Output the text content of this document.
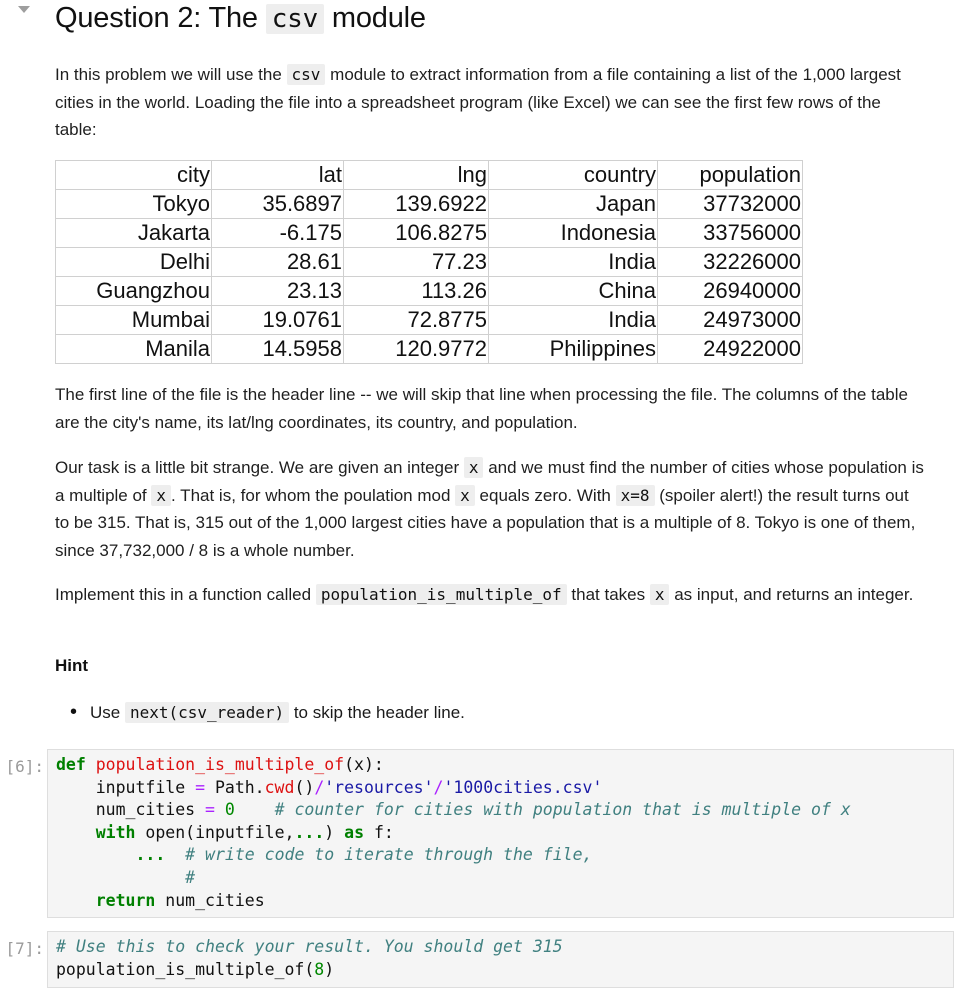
Question 2: The csv module

In this problem we will use the csv module to extract information from a file containing a list of the 1,000 largest cities in the world. Loading the file into a spreadsheet program (like Excel) we can see the first few rows of the table:

city	lat	lng	country	population
Tokyo	35.6897	139.6922	Japan	37732000
Jakarta	-6.175	106.8275	Indonesia	33756000
Delhi	28.61	77.23	India	32226000
Guangzhou	23.13	113.26	China	26940000
Mumbai	19.0761	72.8775	India	24973000
Manila	14.5958	120.9772	Philippines	24922000

The first line of the file is the header line -- we will skip that line when processing the file. The columns of the table are the city's name, its lat/lng coordinates, its country, and population.

Our task is a little bit strange. We are given an integer x and we must find the number of cities whose population is a multiple of x . That is, for whom the poulation mod x equals zero. With x=8 (spoiler alert!) the result turns out to be 315. That is, 315 out of the 1,000 largest cities have a population that is a multiple of 8. Tokyo is one of them, since 37,732,000 / 8 is a whole number.

Implement this in a function called population_is_multiple_of that takes x as input, and returns an integer.

Hint
• Use next(csv_reader) to skip the header line.
[6]: def population_is_multiple_of(x):
inputfile = Path.cwd()/'resources'/'1000cities.csv'
num_cities = 0 # counter for cities with population that is multiple of x
with open(inputfile,...) as f:
... # write code to iterate through the file,
#
return num_cities
[7]: # Use this to check your result. You should get 315
population_is_multiple_of(8)
